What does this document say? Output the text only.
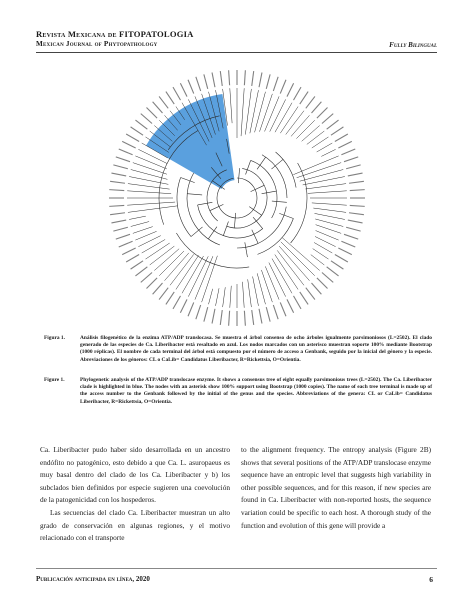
Revista Mexicana de FITOPATOLOGIA
Mexican Journal of Phytopathology	Fully Bilingual
Figura 1.	Análisis filogenético de la enzima ATP/ADP translocasa. Se muestra el árbol consenso de ocho árboles igualmente parsimoniosos (L=2502). El clado generado de las especies de Ca. Liberibacter está resaltado en azul. Los nodos marcados con un asterisco muestran soporte 100% mediante Bootstrap (1000 réplicas). El nombre de cada terminal del árbol está compuesto por el número de acceso a Genbank, seguido por la inicial del género y la especie. Abreviaciones de los géneros: CL o CaLib= Candidatus Liberibacter, R=Rickettsia, O=Orientia.
Figure 1.	Phylogenetic analysis of the ATP/ADP translocase enzyme. It shows a consensus tree of eight equally parsimonious trees (L=2502). The Ca. Liberibacter clade is highlighted in blue. The nodes with an asterisk show 100% support using Bootstrap (1000 copies). The name of each tree terminal is made up of the access number to the Genbank followed by the initial of the genus and the species. Abbreviations of the genera: CL or CaLib= Candidatus Liberibacter, R=Rickettsia, O=Orientia.

Ca. Liberibacter pudo haber sido desarrollada en un ancestro endófito no patogénico, esto debido a que Ca. L. asuropaeus es muy basal dentro del clado de los Ca. Liberibacter y b) los subclados bien definidos por especie sugieren una coevolución de la patogenicidad con los hospederos.

Las secuencias del clado Ca. Liberibacter muestran un alto grado de conservación en algunas regiones, y el motivo relacionado con el transporte

to the alignment frequency. The entropy analysis (Figure 2B) shows that several positions of the ATP/ADP translocase enzyme sequence have an entropic level that suggests high variability in other possible sequences, and for this reason, if new species are found in Ca. Liberibacter with non-reported hosts, the sequence variation could be specific to each host. A thorough study of the function and evolution of this gene will provide a

Publicación anticipada en línea, 2020	6
